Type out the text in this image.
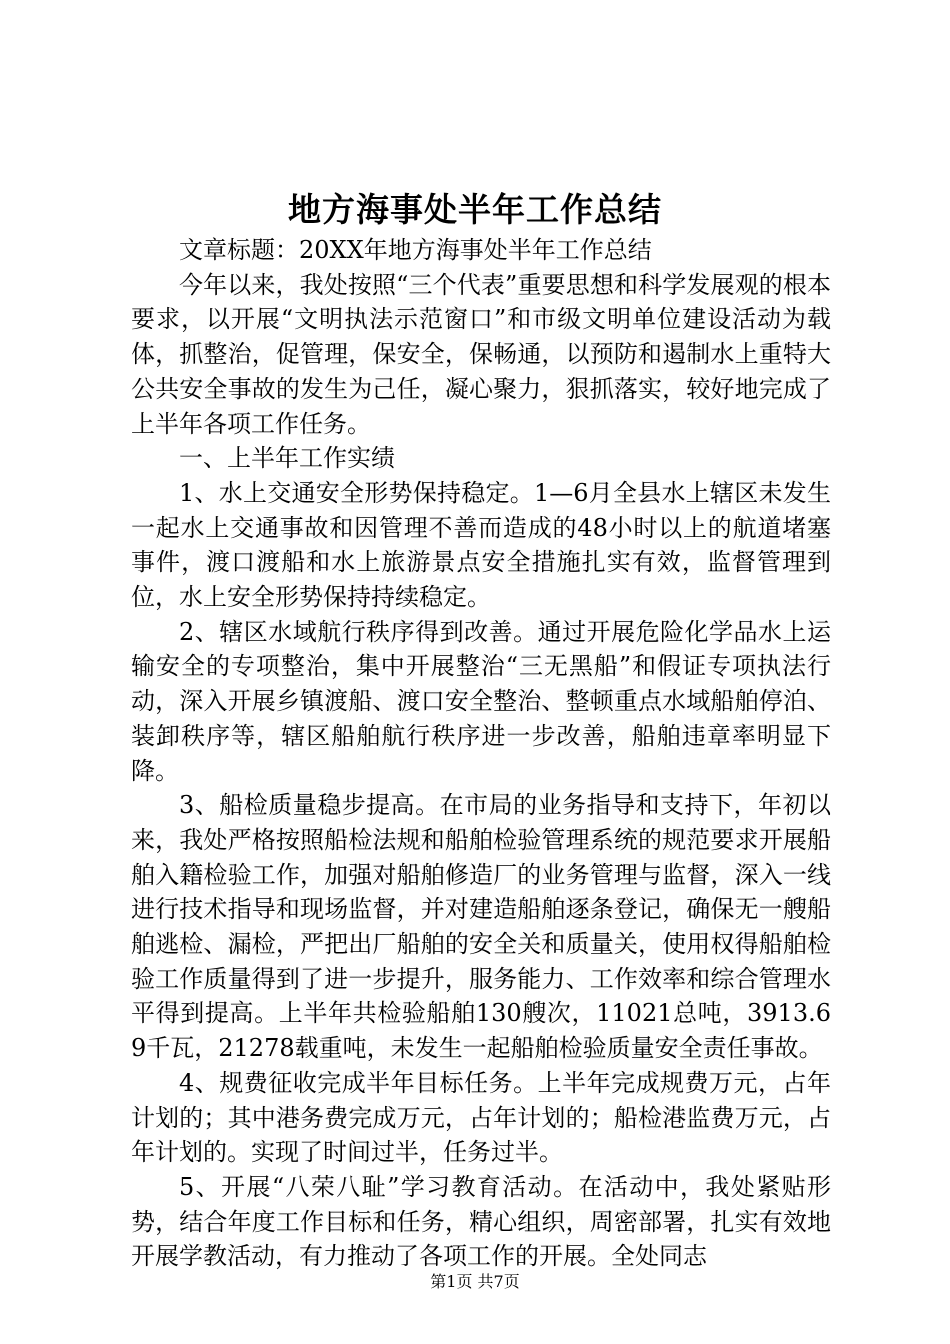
地方海事处半年工作总结

文章标题：20XX年地方海事处半年工作总结

今年以来，我处按照“三个代表”重要思想和科学发展观的根本要求，以开展“文明执法示范窗口”和市级文明单位建设活动为载体，抓整治，促管理，保安全，保畅通，以预防和遏制水上重特大公共安全事故的发生为己任，凝心聚力，狠抓落实，较好地完成了上半年各项工作任务。

一、上半年工作实绩

1、水上交通安全形势保持稳定。1—6月全县水上辖区未发生一起水上交通事故和因管理不善而造成的48小时以上的航道堵塞事件，渡口渡船和水上旅游景点安全措施扎实有效，监督管理到位，水上安全形势保持持续稳定。

2、辖区水域航行秩序得到改善。通过开展危险化学品水上运输安全的专项整治，集中开展整治“三无黑船”和假证专项执法行动，深入开展乡镇渡船、渡口安全整治、整顿重点水域船舶停泊、装卸秩序等，辖区船舶航行秩序进一步改善，船舶违章率明显下降。

3、船检质量稳步提高。在市局的业务指导和支持下，年初以来，我处严格按照船检法规和船舶检验管理系统的规范要求开展船舶入籍检验工作，加强对船舶修造厂的业务管理与监督，深入一线进行技术指导和现场监督，并对建造船舶逐条登记，确保无一艘船舶逃检、漏检，严把出厂船舶的安全关和质量关，使用权得船舶检验工作质量得到了进一步提升，服务能力、工作效率和综合管理水平得到提高。上半年共检验船舶130艘次，11021总吨，3913.69千瓦，21278载重吨，未发生一起船舶检验质量安全责任事故。

4、规费征收完成半年目标任务。上半年完成规费万元，占年计划的；其中港务费完成万元，占年计划的；船检港监费万元，占年计划的。实现了时间过半，任务过半。

5、开展“八荣八耻”学习教育活动。在活动中，我处紧贴形势，结合年度工作目标和任务，精心组织，周密部署，扎实有效地开展学教活动，有力推动了各项工作的开展。全处同志

第1页 共7页
